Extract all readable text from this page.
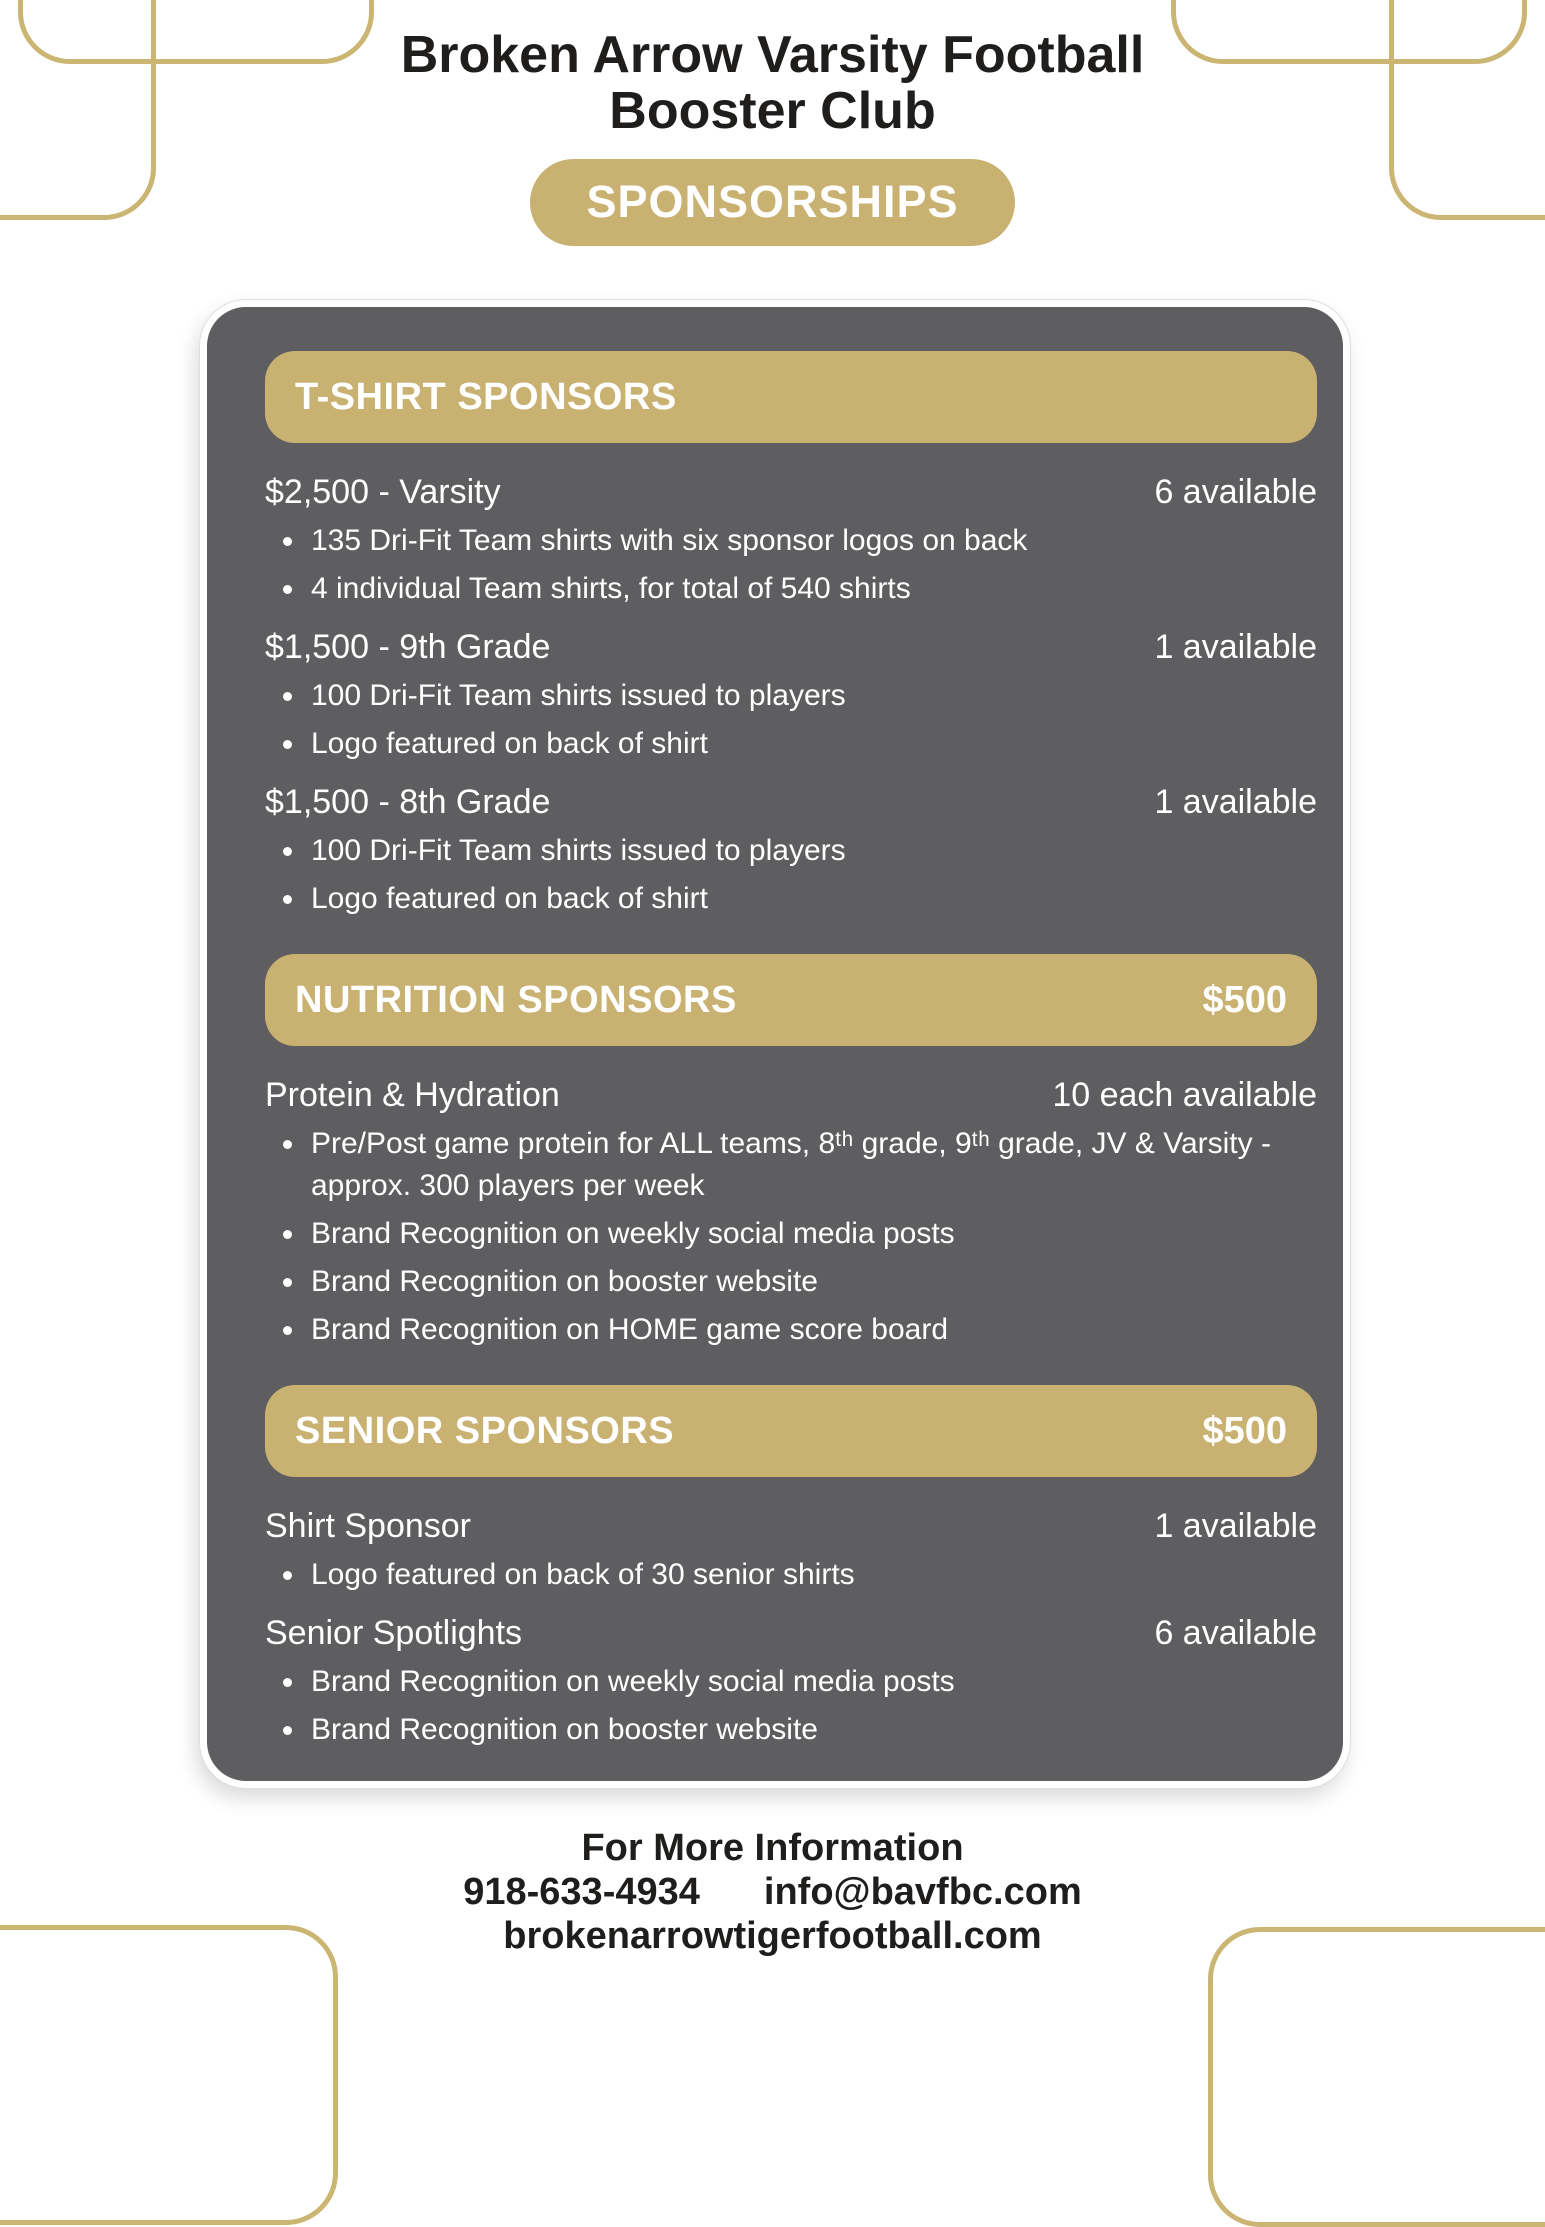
Broken Arrow Varsity Football
Booster Club
SPONSORSHIPS
T-SHIRT SPONSORS
$2,500 - Varsity	6 available
135 Dri-Fit Team shirts with six sponsor logos on back
4 individual Team shirts, for total of 540 shirts
$1,500 - 9th Grade	1 available
100 Dri-Fit Team shirts issued to players
Logo featured on back of shirt
$1,500 - 8th Grade	1 available
100 Dri-Fit Team shirts issued to players
Logo featured on back of shirt
NUTRITION SPONSORS	$500
Protein & Hydration	10 each available
Pre/Post game protein for ALL teams, 8ᵗʰ grade, 9ᵗʰ grade, JV & Varsity - approx. 300 players per week
Brand Recognition on weekly social media posts
Brand Recognition on booster website
Brand Recognition on HOME game score board
SENIOR SPONSORS	$500
Shirt Sponsor	1 available
Logo featured on back of 30 senior shirts
Senior Spotlights	6 available
Brand Recognition on weekly social media posts
Brand Recognition on booster website
For More Information
918-633-4934 info@bavfbc.com
brokenarrowtigerfootball.com
